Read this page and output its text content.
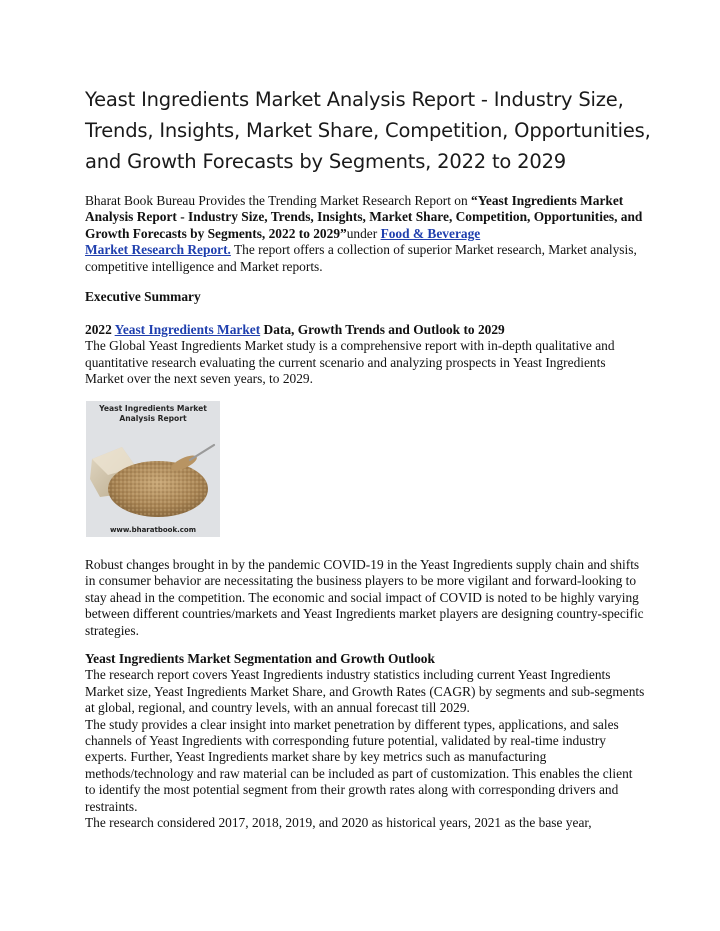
Yeast Ingredients Market Analysis Report - Industry Size, Trends, Insights, Market Share, Competition, Opportunities, and Growth Forecasts by Segments, 2022 to 2029

Bharat Book Bureau Provides the Trending Market Research Report on “Yeast Ingredients Market Analysis Report - Industry Size, Trends, Insights, Market Share, Competition, Opportunities, and Growth Forecasts by Segments, 2022 to 2029”under Food & Beverage
Market Research Report. The report offers a collection of superior Market research, Market analysis, competitive intelligence and Market reports.

Executive Summary

2022 Yeast Ingredients Market Data, Growth Trends and Outlook to 2029
The Global Yeast Ingredients Market study is a comprehensive report with in-depth qualitative and quantitative research evaluating the current scenario and analyzing prospects in Yeast Ingredients Market over the next seven years, to 2029.
Yeast Ingredients Market
Analysis Report
www.bharatbook.com

Robust changes brought in by the pandemic COVID-19 in the Yeast Ingredients supply chain and shifts in consumer behavior are necessitating the business players to be more vigilant and forward-looking to stay ahead in the competition. The economic and social impact of COVID is noted to be highly varying between different countries/markets and Yeast Ingredients market players are designing country-specific strategies.

Yeast Ingredients Market Segmentation and Growth Outlook
The research report covers Yeast Ingredients industry statistics including current Yeast Ingredients Market size, Yeast Ingredients Market Share, and Growth Rates (CAGR) by segments and sub-segments at global, regional, and country levels, with an annual forecast till 2029.
The study provides a clear insight into market penetration by different types, applications, and sales channels of Yeast Ingredients with corresponding future potential, validated by real-time industry experts. Further, Yeast Ingredients market share by key metrics such as manufacturing methods/technology and raw material can be included as part of customization. This enables the client to identify the most potential segment from their growth rates along with corresponding drivers and restraints.
The research considered 2017, 2018, 2019, and 2020 as historical years, 2021 as the base year,
